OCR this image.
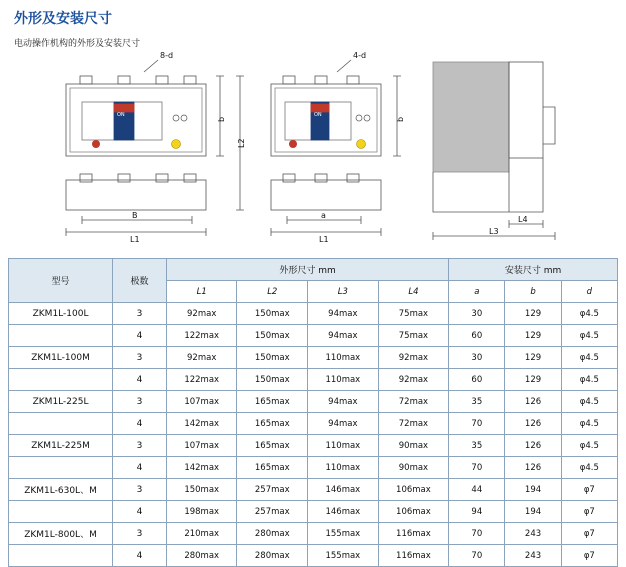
外形及安装尺寸
电动操作机构的外形及安装尺寸
8-d
L2
b
B
L1
ON
4-d
b
a
L1
ON
L4
L3
型号	极数	外形尺寸 mm				安装尺寸 mm		
		L1	L2	L3	L4	a	b	d
ZKM1L-100L	3	92max	150max	94max	75max	30	129	φ4.5
	4	122max	150max	94max	75max	60	129	φ4.5
ZKM1L-100M	3	92max	150max	110max	92max	30	129	φ4.5
	4	122max	150max	110max	92max	60	129	φ4.5
ZKM1L-225L	3	107max	165max	94max	72max	35	126	φ4.5
	4	142max	165max	94max	72max	70	126	φ4.5
ZKM1L-225M	3	107max	165max	110max	90max	35	126	φ4.5
	4	142max	165max	110max	90max	70	126	φ4.5
ZKM1L-630L、M	3	150max	257max	146max	106max	44	194	φ7
	4	198max	257max	146max	106max	94	194	φ7
ZKM1L-800L、M	3	210max	280max	155max	116max	70	243	φ7
	4	280max	280max	155max	116max	70	243	φ7
